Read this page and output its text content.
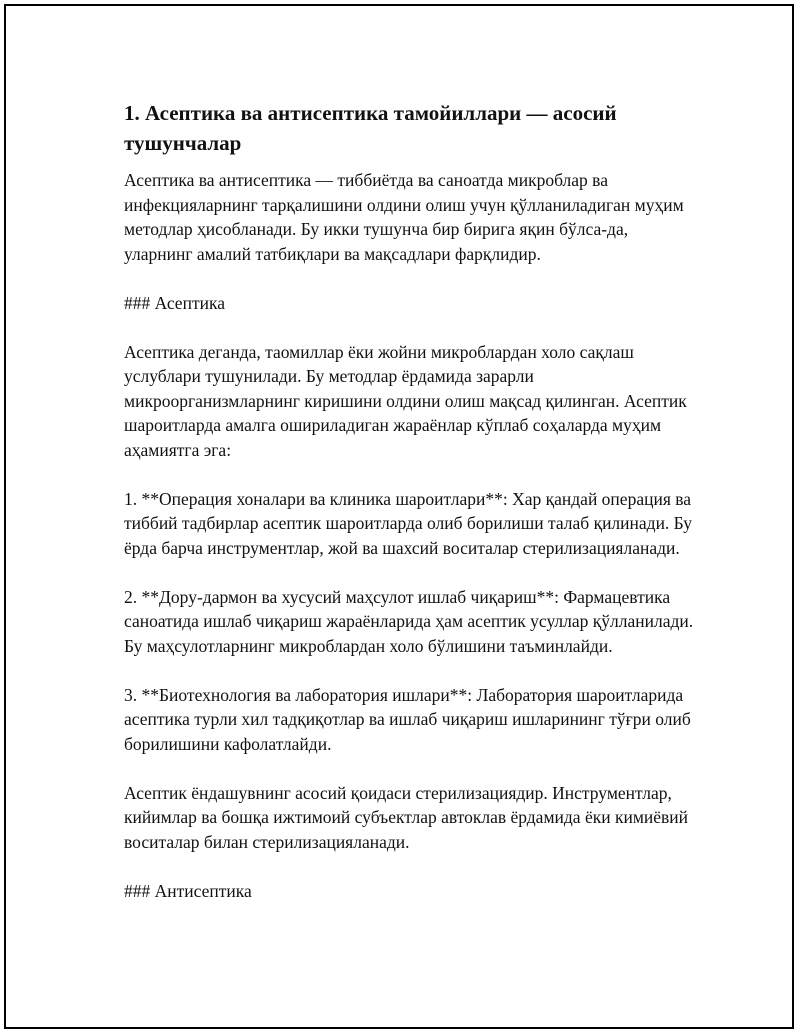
1. Асептика ва антисептика тамойиллари — асосий тушунчалар

Асептика ва антисептика — тиббиётда ва саноатда микроблар ва инфекцияларнинг тарқалишини олдини олиш учун қўлланиладиган муҳим методлар ҳисобланади. Бу икки тушунча бир бирига яқин бўлса-да, уларнинг амалий татбиқлари ва мақсадлари фарқлидир.

### Асептика

Асептика деганда, таомиллар ёки жойни микроблардан холо сақлаш услублари тушунилади. Бу методлар ёрдамида зарарли микроорганизмларнинг киришини олдини олиш мақсад қилинган. Асептик шароитларда амалга ошириладиган жараёнлар кўплаб соҳаларда муҳим аҳамиятга эга:

1. **Операция хоналари ва клиника шароитлари**: Хар қандай операция ва тиббий тадбирлар асептик шароитларда олиб борилиши талаб қилинади. Бу ёрда барча инструментлар, жой ва шахсий воситалар стерилизацияланади.

2. **Дору-дармон ва хусусий маҳсулот ишлаб чиқариш**: Фармацевтика саноатида ишлаб чиқариш жараёнларида ҳам асептик усуллар қўлланилади. Бу маҳсулотларнинг микроблардан холо бўлишини таъминлайди.

3. **Биотехнология ва лаборатория ишлари**: Лаборатория шароитларида асептика турли хил тадқиқотлар ва ишлаб чиқариш ишларининг тўғри олиб борилишини кафолатлайди.

Асептик ёндашувнинг асосий қоидаси стерилизациядир. Инструментлар, кийимлар ва бошқа ижтимоий субъектлар автоклав ёрдамида ёки кимиёвий воситалар билан стерилизацияланади.

### Антисептика
